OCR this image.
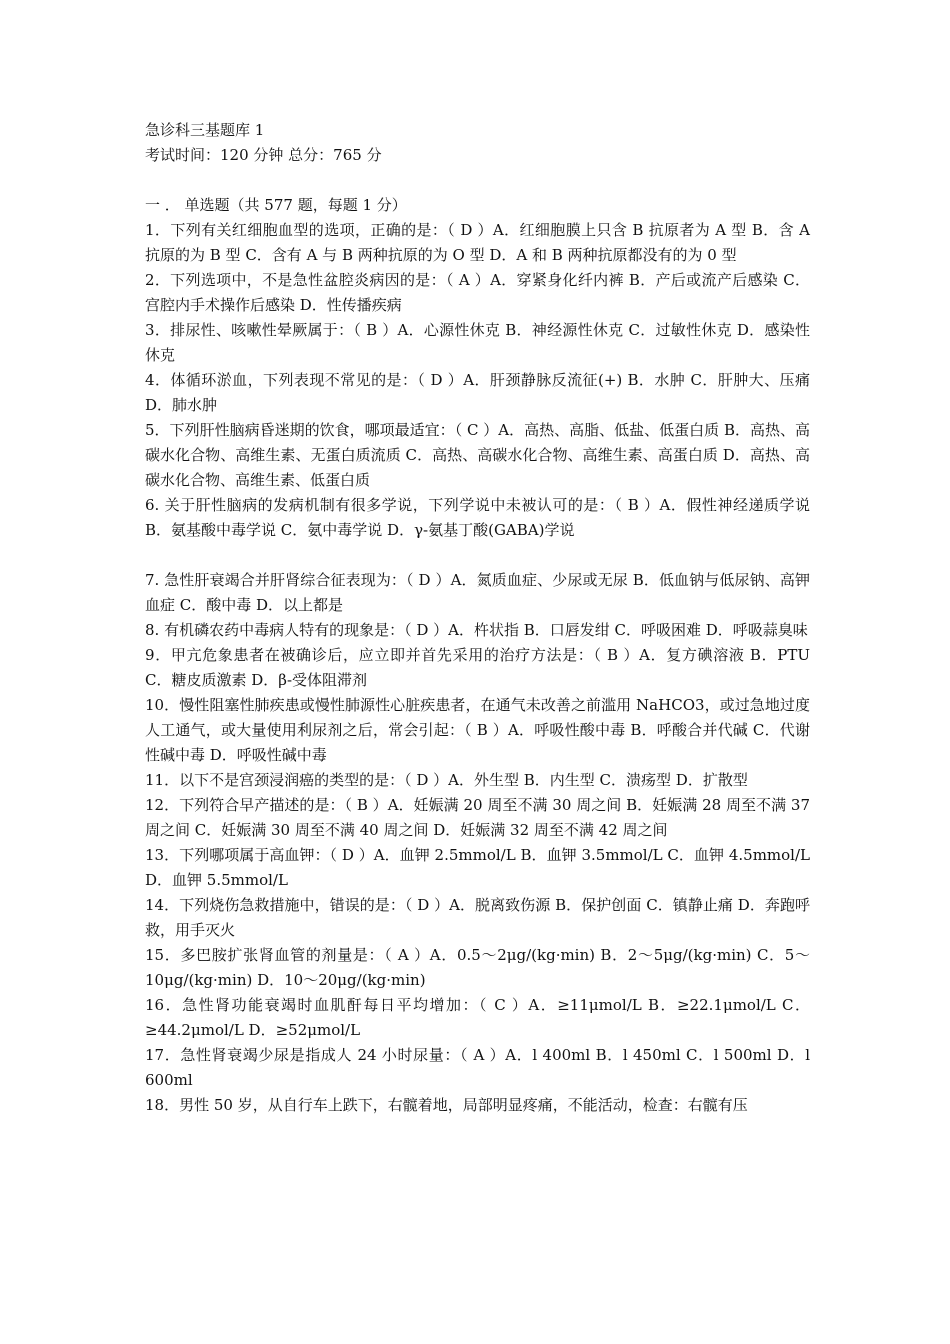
急诊科三基题库 1
考试时间：120 分钟 总分：765 分
一 ． 单选题（共 577 题，每题 1 分）
1．下列有关红细胞血型的选项，正确的是：（ D ）A．红细胞膜上只含 B 抗原者为 A 型 B．含 A 抗原的为 B 型 C．含有 A 与 B 两种抗原的为 O 型 D．A 和 B 两种抗原都没有的为 0 型
2．下列选项中，不是急性盆腔炎病因的是：（ A ）A．穿紧身化纤内裤 B．产后或流产后感染 C．宫腔内手术操作后感染 D．性传播疾病
3．排尿性、咳嗽性晕厥属于：（ B ）A．心源性休克 B．神经源性休克 C．过敏性休克 D．感染性休克
4．体循环淤血，下列表现不常见的是：（ D ）A．肝颈静脉反流征(+) B．水肿 C．肝肿大、压痛 D．肺水肿
5．下列肝性脑病昏迷期的饮食，哪项最适宜：（ C ）A．高热、高脂、低盐、低蛋白质 B．高热、高碳水化合物、高维生素、无蛋白质流质 C．高热、高碳水化合物、高维生素、高蛋白质 D．高热、高碳水化合物、高维生素、低蛋白质
6. 关于肝性脑病的发病机制有很多学说，下列学说中未被认可的是：（ B ）A．假性神经递质学说 B．氨基酸中毒学说 C．氨中毒学说 D．γ-氨基丁酸(GABA)学说
7. 急性肝衰竭合并肝肾综合征表现为：（ D ）A．氮质血症、少尿或无尿 B．低血钠与低尿钠、高钾血症 C．酸中毒 D．以上都是
8. 有机磷农药中毒病人特有的现象是：（ D ）A．杵状指 B．口唇发绀 C．呼吸困难 D．呼吸蒜臭味
9．甲亢危象患者在被确诊后，应立即并首先采用的治疗方法是：（ B ）A．复方碘溶液 B．PTU C．糖皮质激素 D．β-受体阻滞剂
10．慢性阻塞性肺疾患或慢性肺源性心脏疾患者，在通气未改善之前滥用 NaHCO3，或过急地过度人工通气，或大量使用利尿剂之后，常会引起：（ B ）A．呼吸性酸中毒 B．呼酸合并代碱 C．代谢性碱中毒 D．呼吸性碱中毒
11．以下不是宫颈浸润癌的类型的是：（ D ）A．外生型 B．内生型 C．溃疡型 D．扩散型
12．下列符合早产描述的是：（ B ）A．妊娠满 20 周至不满 30 周之间 B．妊娠满 28 周至不满 37 周之间 C．妊娠满 30 周至不满 40 周之间 D．妊娠满 32 周至不满 42 周之间
13．下列哪项属于高血钾：（ D ）A．血钾 2.5mmol/L B．血钾 3.5mmol/L C．血钾 4.5mmol/L D．血钾 5.5mmol/L
14．下列烧伤急救措施中，错误的是：（ D ）A．脱离致伤源 B．保护创面 C．镇静止痛 D．奔跑呼救，用手灭火
15．多巴胺扩张肾血管的剂量是：（ A ）A．0.5～2μg/(kg·min) B．2～5μg/(kg·min) C．5～10μg/(kg·min) D．10～20μg/(kg·min)
16．急性肾功能衰竭时血肌酐每日平均增加：（ C ）A．≥11μmol/L B．≥22.1μmol/L C．≥44.2μmol/L D．≥52μmol/L
17．急性肾衰竭少尿是指成人 24 小时尿量：（ A ）A．l 400ml B．l 450ml C．l 500ml D．l 600ml
18．男性 50 岁，从自行车上跌下，右髋着地，局部明显疼痛，不能活动，检查：右髋有压
